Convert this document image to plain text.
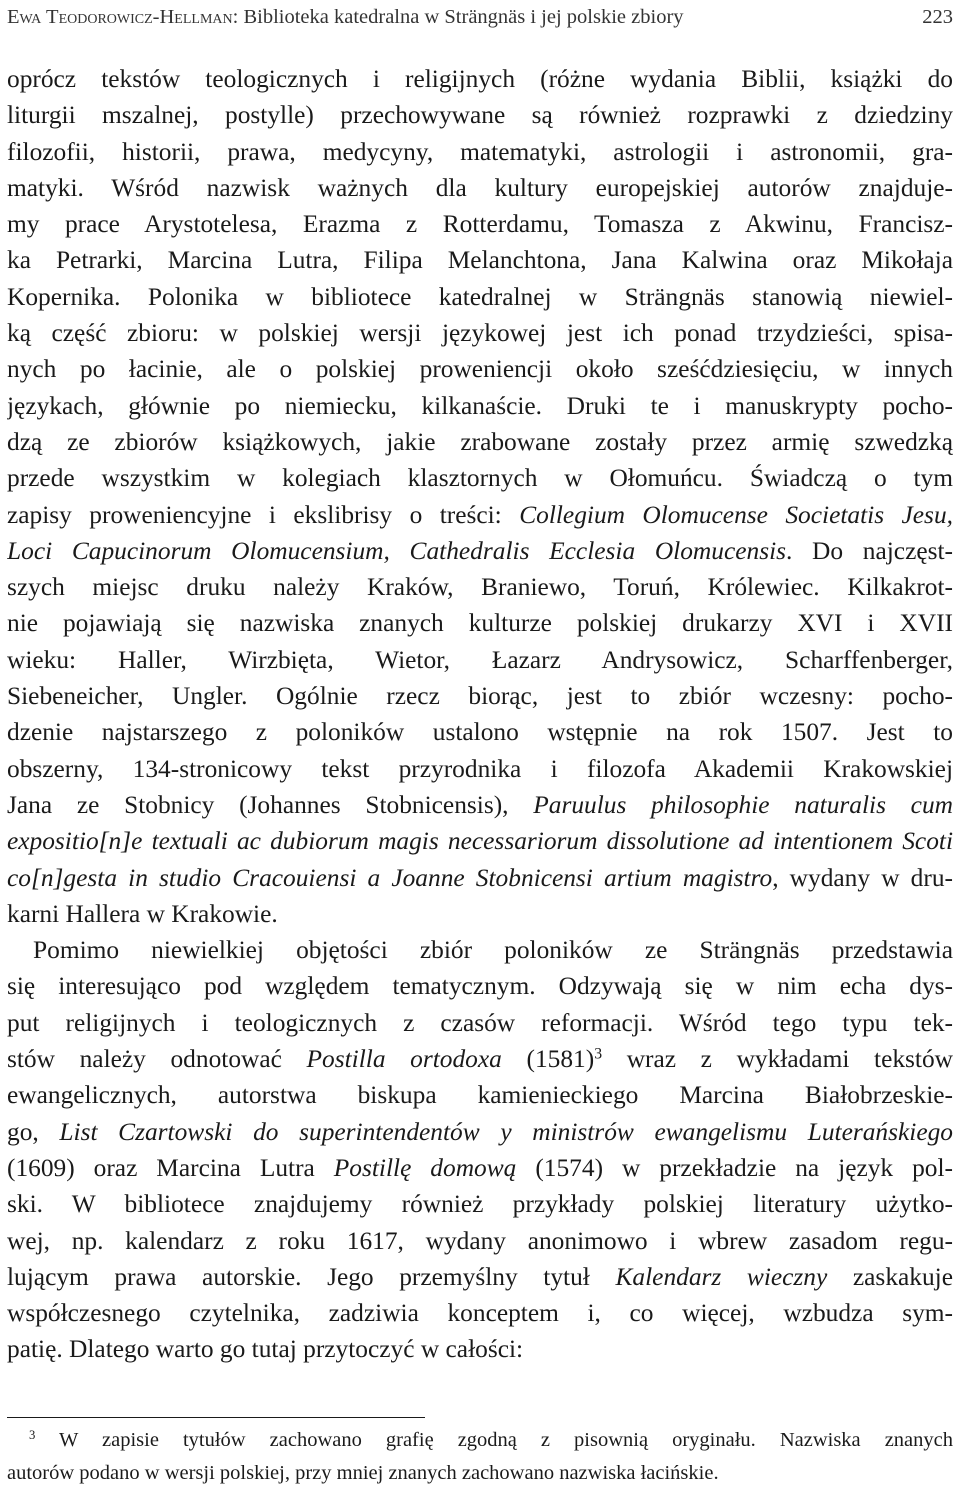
Ewa Teodorowicz-Hellman: Biblioteka katedralna w Strängnäs i jej polskie zbiory	223
oprócz tekstów teologicznych i religijnych (różne wydania Biblii, książki do
liturgii mszalnej, postylle) przechowywane są również rozprawki z dziedziny
filozofii, historii, prawa, medycyny, matematyki, astrologii i astronomii, gra-
matyki. Wśród nazwisk ważnych dla kultury europejskiej autorów znajduje-
my prace Arystotelesa, Erazma z Rotterdamu, Tomasza z Akwinu, Francisz-
ka Petrarki, Marcina Lutra, Filipa Melanchtona, Jana Kalwina oraz Mikołaja
Kopernika. Polonika w bibliotece katedralnej w Strängnäs stanowią niewiel-
ką część zbioru: w polskiej wersji językowej jest ich ponad trzydzieści, spisa-
nych po łacinie, ale o polskiej proweniencji około sześćdziesięciu, w innych
językach, głównie po niemiecku, kilkanaście. Druki te i manuskrypty pocho-
dzą ze zbiorów książkowych, jakie zrabowane zostały przez armię szwedzką
przede wszystkim w kolegiach klasztornych w Ołomuńcu. Świadczą o tym
zapisy proweniencyjne i ekslibrisy o treści: Collegium Olomucense Societatis Jesu,
Loci Capucinorum Olomucensium, Cathedralis Ecclesia Olomucensis. Do najczęst-
szych miejsc druku należy Kraków, Braniewo, Toruń, Królewiec. Kilkakrot-
nie pojawiają się nazwiska znanych kulturze polskiej drukarzy XVI i XVII
wieku: Haller, Wirzbięta, Wietor, Łazarz Andrysowicz, Scharffenberger,
Siebeneicher, Ungler. Ogólnie rzecz biorąc, jest to zbiór wczesny: pocho-
dzenie najstarszego z poloników ustalono wstępnie na rok 1507. Jest to
obszerny, 134-stronicowy tekst przyrodnika i filozofa Akademii Krakowskiej
Jana ze Stobnicy (Johannes Stobnicensis), Paruulus philosophie naturalis cum
expositio[n]e textuali ac dubiorum magis necessariorum dissolutione ad intentionem Scoti
co[n]gesta in studio Cracouiensi a Joanne Stobnicensi artium magistro, wydany w dru-
karni Hallera w Krakowie.
Pomimo niewielkiej objętości zbiór poloników ze Strängnäs przedstawia
się interesująco pod względem tematycznym. Odzywają się w nim echa dys-
put religijnych i teologicznych z czasów reformacji. Wśród tego typu tek-
stów należy odnotować Postilla ortodoxa $(1581)^3$ wraz z wykładami tekstów
ewangelicznych, autorstwa biskupa kamienieckiego Marcina Białobrzeskie-
go, List Czartowski do superintendentów y ministrów ewangelismu Luterańskiego
(1609) oraz Marcina Lutra Postillę domową (1574) w przekładzie na język pol-
ski. W bibliotece znajdujemy również przykłady polskiej literatury użytko-
wej, np. kalendarz z roku 1617, wydany anonimowo i wbrew zasadom regu-
lującym prawa autorskie. Jego przemyślny tytuł Kalendarz wieczny zaskakuje
współczesnego czytelnika, zadziwia konceptem i, co więcej, wzbudza sym-
patię. Dlatego warto go tutaj przytoczyć w całości:
$^3$ W zapisie tytułów zachowano grafię zgodną z pisownią oryginału. Nazwiska znanych
autorów podano w wersji polskiej, przy mniej znanych zachowano nazwiska łacińskie.
